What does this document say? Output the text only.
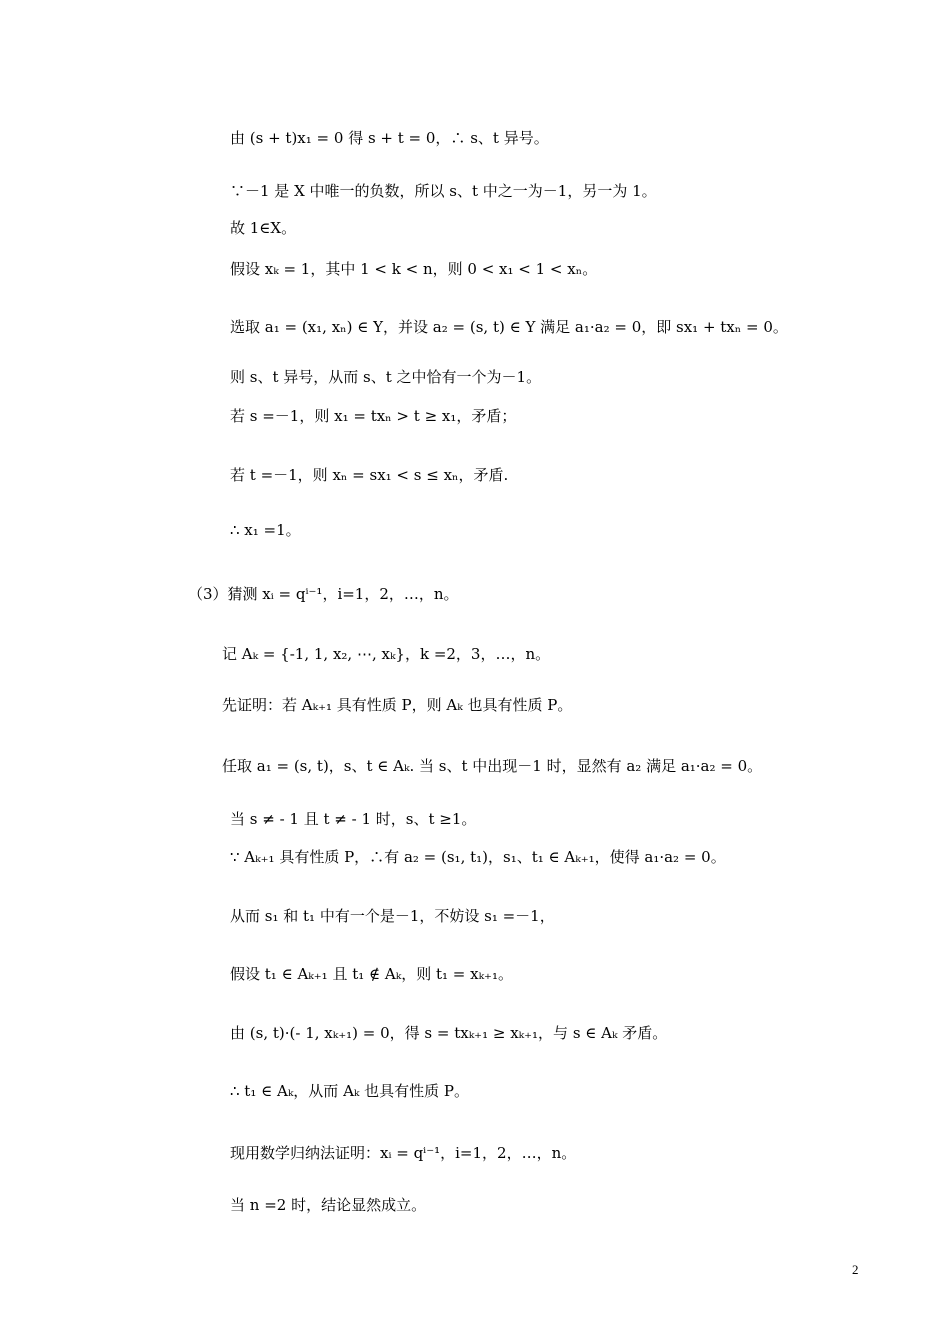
由 (s + t)x₁ = 0 得 s + t = 0，∴ s、t 异号。
∵－1 是 X 中唯一的负数，所以 s、t 中之一为－1，另一为 1。
故 1∈X。
假设 xₖ = 1，其中 1 < k < n，则 0 < x₁ < 1 < xₙ。
选取 a₁ = (x₁, xₙ) ∈ Y，并设 a₂ = (s, t) ∈ Y 满足 a₁·a₂ = 0，即 sx₁ + txₙ = 0。
则 s、t 异号，从而 s、t 之中恰有一个为－1。
若 s =－1，则 x₁ = txₙ > t ≥ x₁，矛盾；
若 t =－1，则 xₙ = sx₁ < s ≤ xₙ，矛盾.
∴ x₁ =1。
（3）猜测 xᵢ = qⁱ⁻¹，i=1，2，…，n。
记 Aₖ = {-1, 1, x₂, ⋯, xₖ}，k =2，3，…，n。
先证明：若 Aₖ₊₁ 具有性质 P，则 Aₖ 也具有性质 P。
任取 a₁ = (s, t)，s、t ∈ Aₖ. 当 s、t 中出现－1 时，显然有 a₂ 满足 a₁·a₂ = 0。
当 s ≠ - 1 且 t ≠ - 1 时，s、t ≥1。
∵ Aₖ₊₁ 具有性质 P，∴有 a₂ = (s₁, t₁)，s₁、t₁ ∈ Aₖ₊₁，使得 a₁·a₂ = 0。
从而 s₁ 和 t₁ 中有一个是－1，不妨设 s₁ =－1，
假设 t₁ ∈ Aₖ₊₁ 且 t₁ ∉ Aₖ，则 t₁ = xₖ₊₁。
由 (s, t)·(- 1, xₖ₊₁) = 0，得 s = txₖ₊₁ ≥ xₖ₊₁，与 s ∈ Aₖ 矛盾。
∴ t₁ ∈ Aₖ，从而 Aₖ 也具有性质 P。
现用数学归纳法证明：xᵢ = qⁱ⁻¹，i=1，2，…，n。
当 n =2 时，结论显然成立。
2
